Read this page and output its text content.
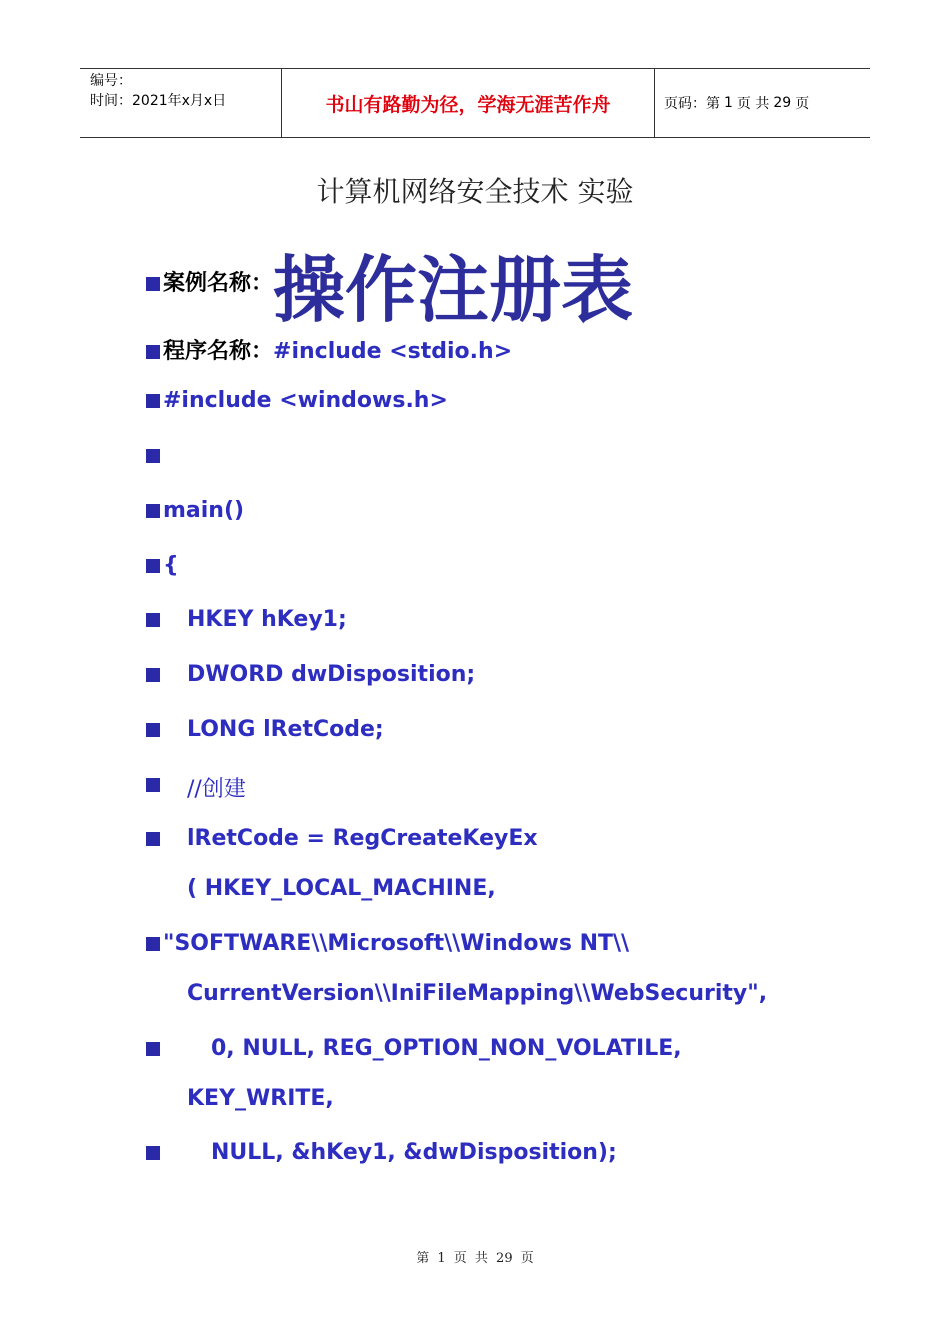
编号：
时间：2021年x月x日	书山有路勤为径，学海无涯苦作舟	页码：第 1 页 共 29 页
计算机网络安全技术 实验
案例名称：操作注册表
程序名称：#include <stdio.h>
#include <windows.h>
main()
{
HKEY hKey1;
DWORD dwDisposition;
LONG lRetCode;
//创建
lRetCode = RegCreateKeyEx
( HKEY_LOCAL_MACHINE,
"SOFTWARE\\Microsoft\\Windows NT\\
CurrentVersion\\IniFileMapping\\WebSecurity",
0, NULL, REG_OPTION_NON_VOLATILE,
KEY_WRITE,
NULL, &hKey1, &dwDisposition);
第 1 页 共 29 页
